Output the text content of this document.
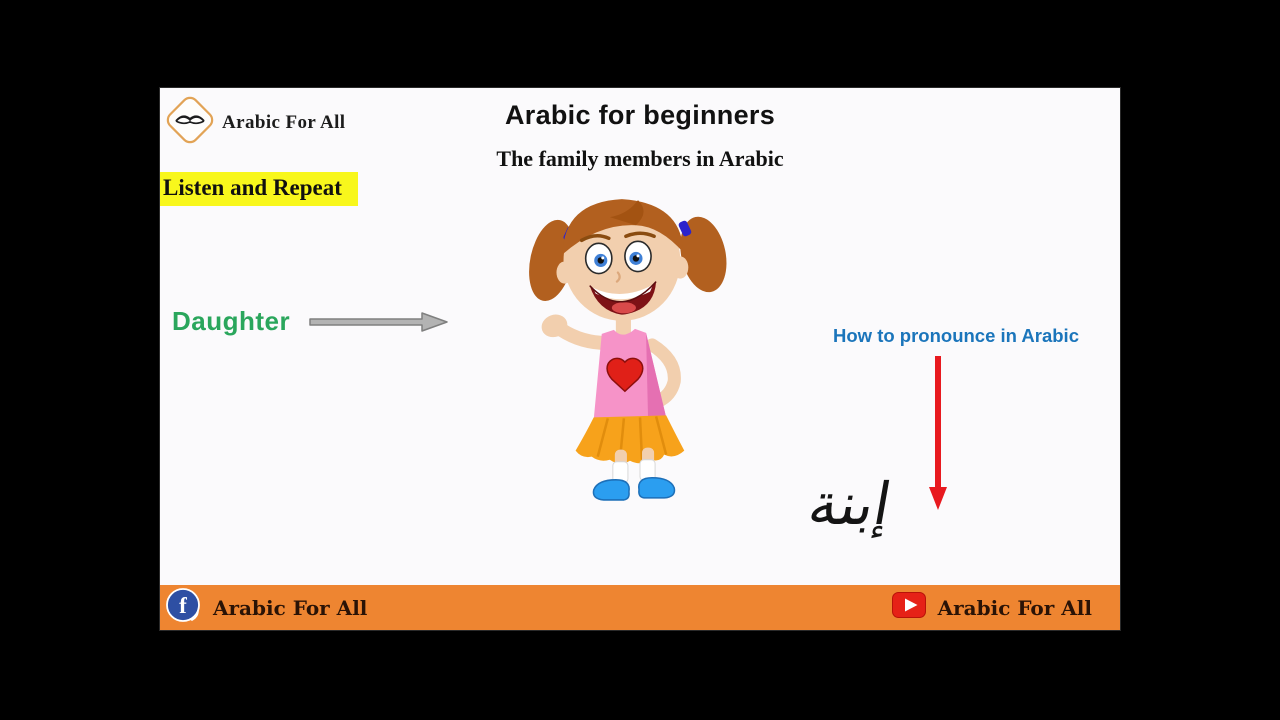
Arabic For All	Arabic for beginners
The family members in Arabic
Listen and Repeat
Daughter	How to pronounce in Arabic
إبنة
f Arabic For All	Arabic For All
